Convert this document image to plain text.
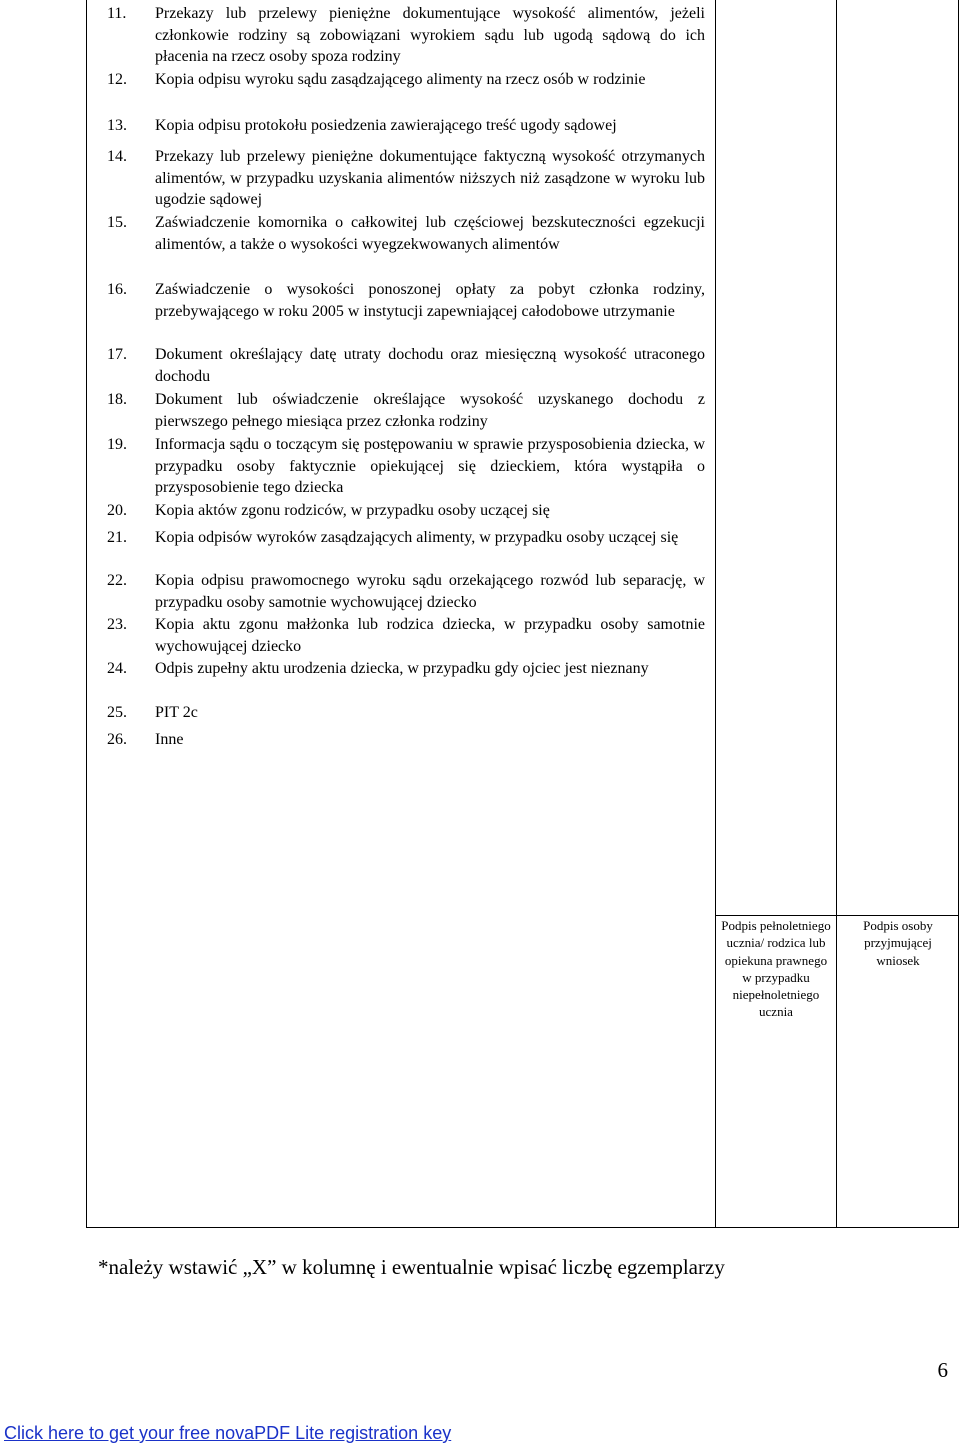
11.	Przekazy lub przelewy pieniężne dokumentujące wysokość alimentów, jeżeli członkowie rodziny są zobowiązani wyrokiem sądu lub ugodą sądową do ich płacenia na rzecz osoby spoza rodziny
12.	Kopia odpisu wyroku sądu zasądzającego alimenty na rzecz osób w rodzinie
13.	Kopia odpisu protokołu posiedzenia zawierającego treść ugody sądowej
14.	Przekazy lub przelewy pieniężne dokumentujące faktyczną wysokość otrzymanych alimentów, w przypadku uzyskania alimentów niższych niż zasądzone w wyroku lub ugodzie sądowej
15.	Zaświadczenie komornika o całkowitej lub częściowej bezskuteczności egzekucji alimentów, a także o wysokości wyegzekwowanych alimentów
16.	Zaświadczenie o wysokości ponoszonej opłaty za pobyt członka rodziny, przebywającego w roku 2005 w instytucji zapewniającej całodobowe utrzymanie
17.	Dokument określający datę utraty dochodu oraz miesięczną wysokość utraconego dochodu
18.	Dokument lub oświadczenie określające wysokość uzyskanego dochodu z pierwszego pełnego miesiąca przez członka rodziny
19.	Informacja sądu o toczącym się postępowaniu w sprawie przysposobienia dziecka, w przypadku osoby faktycznie opiekującej się dzieckiem, która wystąpiła o przysposobienie tego dziecka
20.	Kopia aktów zgonu rodziców, w przypadku osoby uczącej się
21.	Kopia odpisów wyroków zasądzających alimenty, w przypadku osoby uczącej się
22.	Kopia odpisu prawomocnego wyroku sądu orzekającego rozwód lub separację, w przypadku osoby samotnie wychowującej dziecko
23.	Kopia aktu zgonu małżonka lub rodzica dziecka, w przypadku osoby samotnie wychowującej dziecko
24.	Odpis zupełny aktu urodzenia dziecka, w przypadku gdy ojciec jest nieznany
25.	PIT 2c
26.	Inne
Podpis pełnoletniego ucznia/ rodzica lub opiekuna prawnego w przypadku niepełnoletniego ucznia
Podpis osoby przyjmującej wniosek
*należy wstawić „X” w kolumnę i ewentualnie wpisać liczbę egzemplarzy
6
Click here to get your free novaPDF Lite registration key
